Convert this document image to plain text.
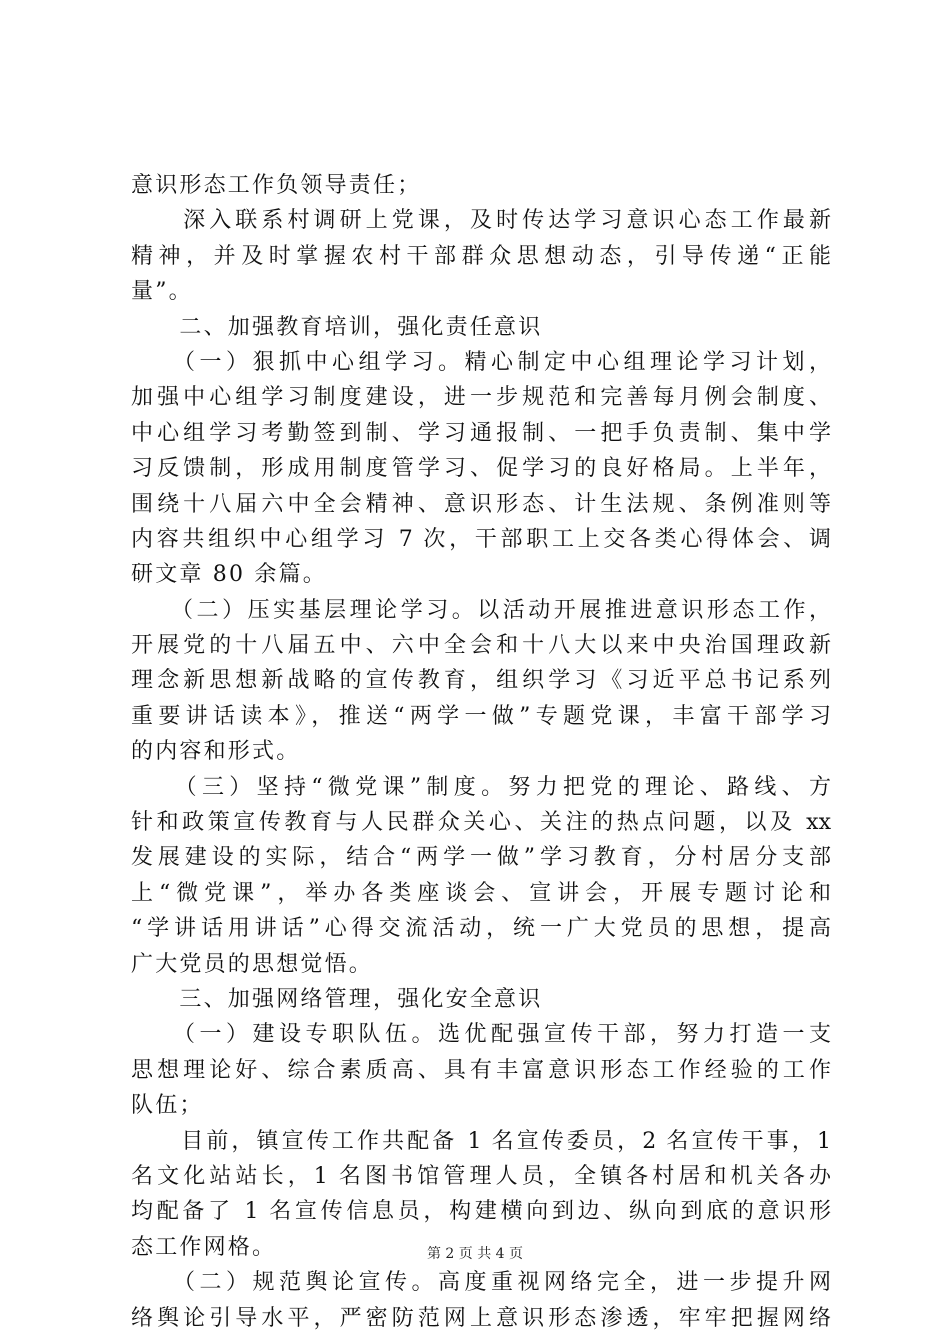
意识形态工作负领导责任；
　　深入联系村调研上党课，及时传达学习意识心态工作最新
精神，并及时掌握农村干部群众思想动态，引导传递“正能
量”。
　　二、加强教育培训，强化责任意识
　　（一）狠抓中心组学习。精心制定中心组理论学习计划，
加强中心组学习制度建设，进一步规范和完善每月例会制度、
中心组学习考勤签到制、学习通报制、一把手负责制、集中学
习反馈制，形成用制度管学习、促学习的良好格局。上半年，
围绕十八届六中全会精神、意识形态、计生法规、条例准则等
内容共组织中心组学习 7 次，干部职工上交各类心得体会、调
研文章 80 余篇。
　　（二）压实基层理论学习。以活动开展推进意识形态工作，
开展党的十八届五中、六中全会和十八大以来中央治国理政新
理念新思想新战略的宣传教育，组织学习《习近平总书记系列
重要讲话读本》，推送“两学一做”专题党课，丰富干部学习
的内容和形式。
　　（三）坚持“微党课”制度。努力把党的理论、路线、方
针和政策宣传教育与人民群众关心、关注的热点问题，以及 xx
发展建设的实际，结合“两学一做”学习教育，分村居分支部
上“微党课”，举办各类座谈会、宣讲会，开展专题讨论和
“学讲话用讲话”心得交流活动，统一广大党员的思想，提高
广大党员的思想觉悟。
　　三、加强网络管理，强化安全意识
　　（一）建设专职队伍。选优配强宣传干部，努力打造一支
思想理论好、综合素质高、具有丰富意识形态工作经验的工作
队伍；
　　目前，镇宣传工作共配备 1 名宣传委员，2 名宣传干事，1
名文化站站长，1 名图书馆管理人员，全镇各村居和机关各办
均配备了 1 名宣传信息员，构建横向到边、纵向到底的意识形
态工作网格。
　　（二）规范舆论宣传。高度重视网络完全，进一步提升网
络舆论引导水平，严密防范网上意识形态渗透，牢牢把握网络
第 2 页 共 4 页
